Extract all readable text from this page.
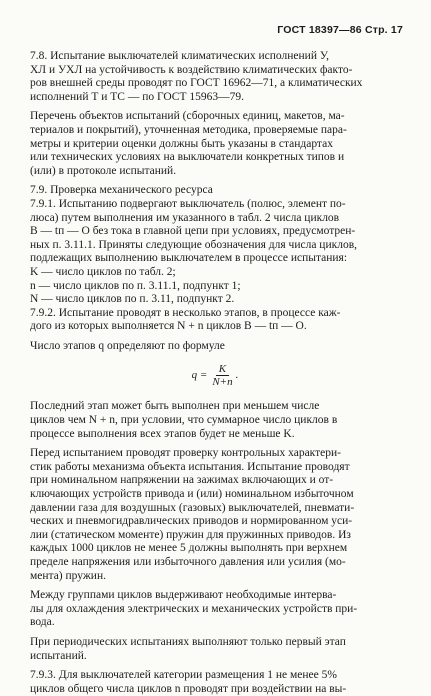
ГОСТ 18397—86 Стр. 17
7.8. Испытание выключателей климатических исполнений У,
ХЛ и УХЛ на устойчивость к воздействию климатических факто-
ров внешней среды проводят по ГОСТ 16962—71, а климатических
исполнений Т и ТС — по ГОСТ 15963—79.
Перечень объектов испытаний (сборочных единиц, макетов, ма-
териалов и покрытий), уточненная методика, проверяемые пара-
метры и критерии оценки должны быть указаны в стандартах
или технических условиях на выключатели конкретных типов и
(или) в протоколе испытаний.
7.9. Проверка механического ресурса
7.9.1. Испытанию подвергают выключатель (полюс, элемент по-
люса) путем выполнения им указанного в табл. 2 числа циклов
В — tп — О без тока в главной цепи при условиях, предусмотрен-
ных п. 3.11.1. Приняты следующие обозначения для числа циклов,
подлежащих выполнению выключателем в процессе испытания:
K — число циклов по табл. 2;
n — число циклов по п. 3.11.1, подпункт 1;
N — число циклов по п. 3.11, подпункт 2.
7.9.2. Испытание проводят в несколько этапов, в процессе каж-
дого из которых выполняется N + n циклов В — tп — О.
Число этапов q определяют по формуле
$q = \frac{K}{N+n}$ .
Последний этап может быть выполнен при меньшем числе
циклов чем N + n, при условии, что суммарное число циклов в
процессе выполнения всех этапов будет не меньше K.
Перед испытанием проводят проверку контрольных характери-
стик работы механизма объекта испытания. Испытание проводят
при номинальном напряжении на зажимах включающих и от-
ключающих устройств привода и (или) номинальном избыточном
давлении газа для воздушных (газовых) выключателей, пневмати-
ческих и пневмогидравлических приводов и нормированном уси-
лии (статическом моменте) пружин для пружинных приводов. Из
каждых 1000 циклов не менее 5 должны выполнять при верхнем
пределе напряжения или избыточного давления или усилия (мо-
мента) пружин.
Между группами циклов выдерживают необходимые интерва-
лы для охлаждения электрических и механических устройств при-
вода.
При периодических испытаниях выполняют только первый этап
испытаний.
7.9.3. Для выключателей категории размещения 1 не менее 5%
циклов общего числа циклов n проводят при воздействии на вы-
